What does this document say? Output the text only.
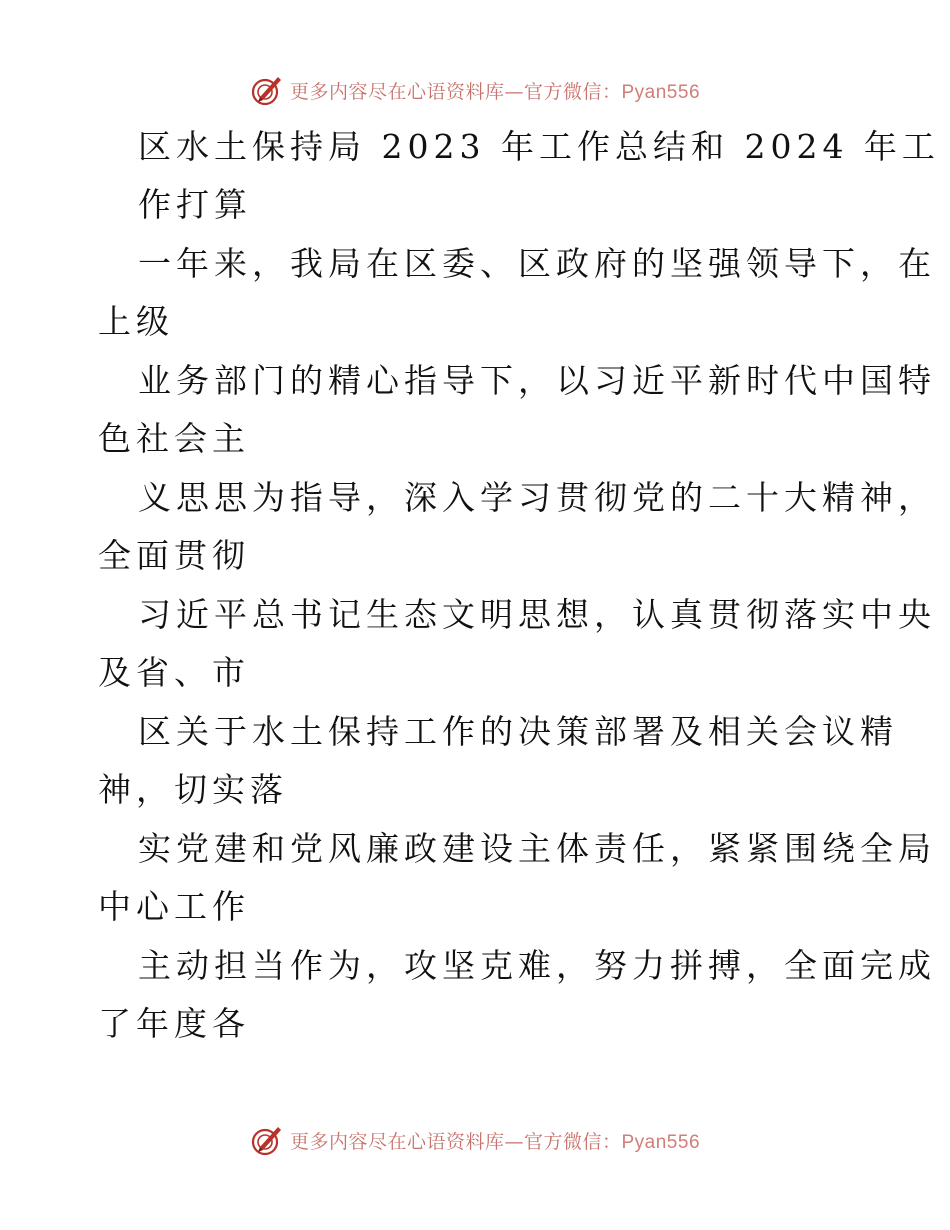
更多内容尽在心语资料库—官方微信：Pyan556
区水土保持局 2023 年工作总结和 2024 年工
作打算
一年来，我局在区委、区政府的坚强领导下，在
上级
业务部门的精心指导下，以习近平新时代中国特
色社会主
义思思为指导，深入学习贯彻党的二十大精神，
全面贯彻
习近平总书记生态文明思想，认真贯彻落实中央
及省、市
区关于水土保持工作的决策部署及相关会议精
神，切实落
实党建和党风廉政建设主体责任，紧紧围绕全局
中心工作
主动担当作为，攻坚克难，努力拼搏，全面完成
了年度各
更多内容尽在心语资料库—官方微信：Pyan556
